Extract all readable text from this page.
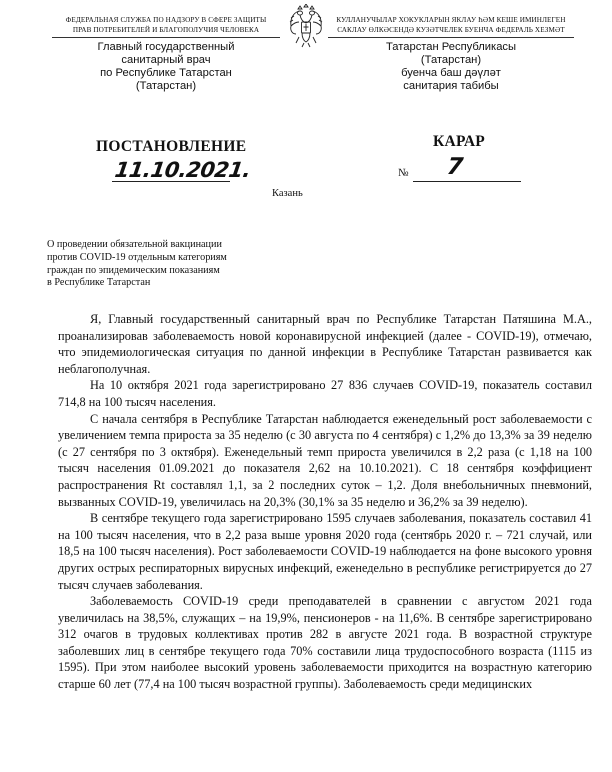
ФЕДЕРАЛЬНАЯ СЛУЖБА ПО НАДЗОРУ В СФЕРЕ ЗАЩИТЫ
ПРАВ ПОТРЕБИТЕЛЕЙ И БЛАГОПОЛУЧИЯ ЧЕЛОВЕКА
Главный государственный
санитарный врач
по Республике Татарстан
(Татарстан)
КУЛЛАНУЧЫЛАР ХОКУКЛАРЫН ЯКЛАУ ҺӘМ КЕШЕ ИМИНЛЕГЕН
САКЛАУ ӨЛКӘСЕНДӘ КУЗӘТЧЕЛЕК БУЕНЧА ФЕДЕРАЛЬ ХЕЗМӘТ
Татарстан Республикасы
(Татарстан)
буенча баш дәүләт
санитария табибы
ПОСТАНОВЛЕНИЕ	КАРАР
11.10.2021.	№ 7
Казань
О проведении обязательной вакцинации
против COVID-19 отдельным категориям
граждан по эпидемическим показаниям
в Республике Татарстан

Я, Главный государственный санитарный врач по Республике Татарстан Патяшина М.А., проанализировав заболеваемость новой коронавирусной инфекцией (далее - COVID-19), отмечаю, что эпидемиологическая ситуация по данной инфекции в Республике Татарстан развивается как неблагополучная.

На 10 октября 2021 года зарегистрировано 27 836 случаев COVID-19, показатель составил 714,8 на 100 тысяч населения.

С начала сентября в Республике Татарстан наблюдается еженедельный рост заболеваемости с увеличением темпа прироста за 35 неделю (с 30 августа по 4 сентября) с 1,2% до 13,3% за 39 неделю (с 27 сентября по 3 октября). Еженедельный темп прироста увеличился в 2,2 раза (с 1,18 на 100 тысяч населения 01.09.2021 до показателя 2,62 на 10.10.2021). С 18 сентября коэффициент распространения Rt составлял 1,1, за 2 последних суток – 1,2. Доля внебольничных пневмоний, вызванных COVID-19, увеличилась на 20,3% (30,1% за 35 неделю и 36,2% за 39 неделю).

В сентябре текущего года зарегистрировано 1595 случаев заболевания, показатель составил 41 на 100 тысяч населения, что в 2,2 раза выше уровня 2020 года (сентябрь 2020 г. – 721 случай, или 18,5 на 100 тысяч населения). Рост заболеваемости COVID-19 наблюдается на фоне высокого уровня других острых респираторных вирусных инфекций, еженедельно в республике регистрируется до 27 тысяч случаев заболевания.

Заболеваемость COVID-19 среди преподавателей в сравнении с августом 2021 года увеличилась на 38,5%, служащих – на 19,9%, пенсионеров - на 11,6%. В сентябре зарегистрировано 312 очагов в трудовых коллективах против 282 в августе 2021 года. В возрастной структуре заболевших лиц в сентябре текущего года 70% составили лица трудоспособного возраста (1115 из 1595). При этом наиболее высокий уровень заболеваемости приходится на возрастную категорию старше 60 лет (77,4 на 100 тысяч возрастной группы). Заболеваемость среди медицинских
